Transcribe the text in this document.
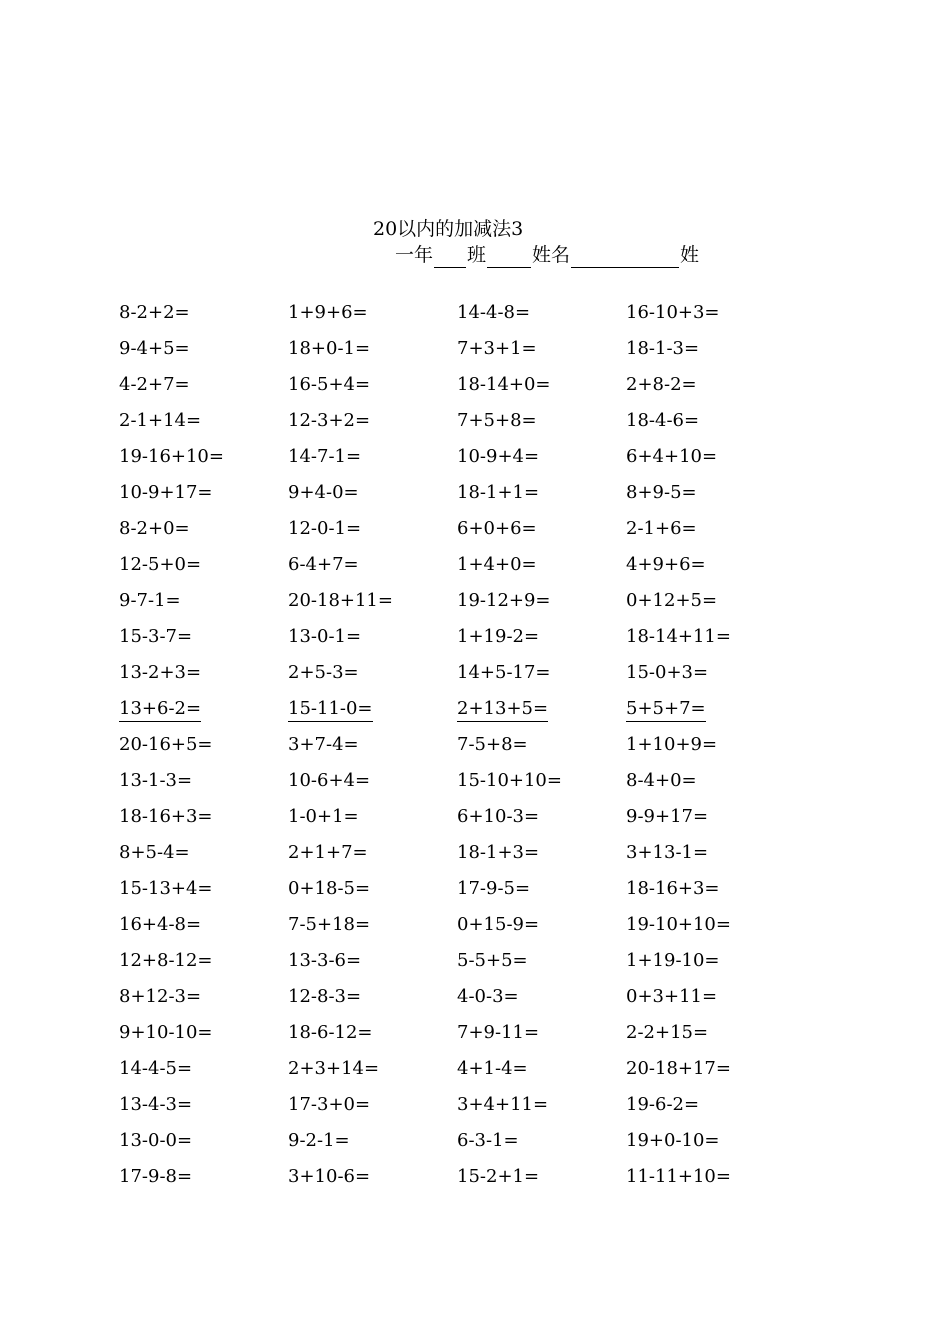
20以内的加减法3
一年 班 姓名	姓
8-2+2=	1+9+6=	14-4-8=	16-10+3=
9-4+5=	18+0-1=	7+3+1=	18-1-3=
4-2+7=	16-5+4=	18-14+0=	2+8-2=
2-1+14=	12-3+2=	7+5+8=	18-4-6=
19-16+10=	14-7-1=	10-9+4=	6+4+10=
10-9+17=	9+4-0=	18-1+1=	8+9-5=
8-2+0=	12-0-1=	6+0+6=	2-1+6=
12-5+0=	6-4+7=	1+4+0=	4+9+6=
9-7-1=	20-18+11=	19-12+9=	0+12+5=
15-3-7=	13-0-1=	1+19-2=	18-14+11=
13-2+3=	2+5-3=	14+5-17=	15-0+3=
13+6-2=	15-11-0=	2+13+5=	5+5+7=
20-16+5=	3+7-4=	7-5+8=	1+10+9=
13-1-3=	10-6+4=	15-10+10=	8-4+0=
18-16+3=	1-0+1=	6+10-3=	9-9+17=
8+5-4=	2+1+7=	18-1+3=	3+13-1=
15-13+4=	0+18-5=	17-9-5=	18-16+3=
16+4-8=	7-5+18=	0+15-9=	19-10+10=
12+8-12=	13-3-6=	5-5+5=	1+19-10=
8+12-3=	12-8-3=	4-0-3=	0+3+11=
9+10-10=	18-6-12=	7+9-11=	2-2+15=
14-4-5=	2+3+14=	4+1-4=	20-18+17=
13-4-3=	17-3+0=	3+4+11=	19-6-2=
13-0-0=	9-2-1=	6-3-1=	19+0-10=
17-9-8=	3+10-6=	15-2+1=	11-11+10=
